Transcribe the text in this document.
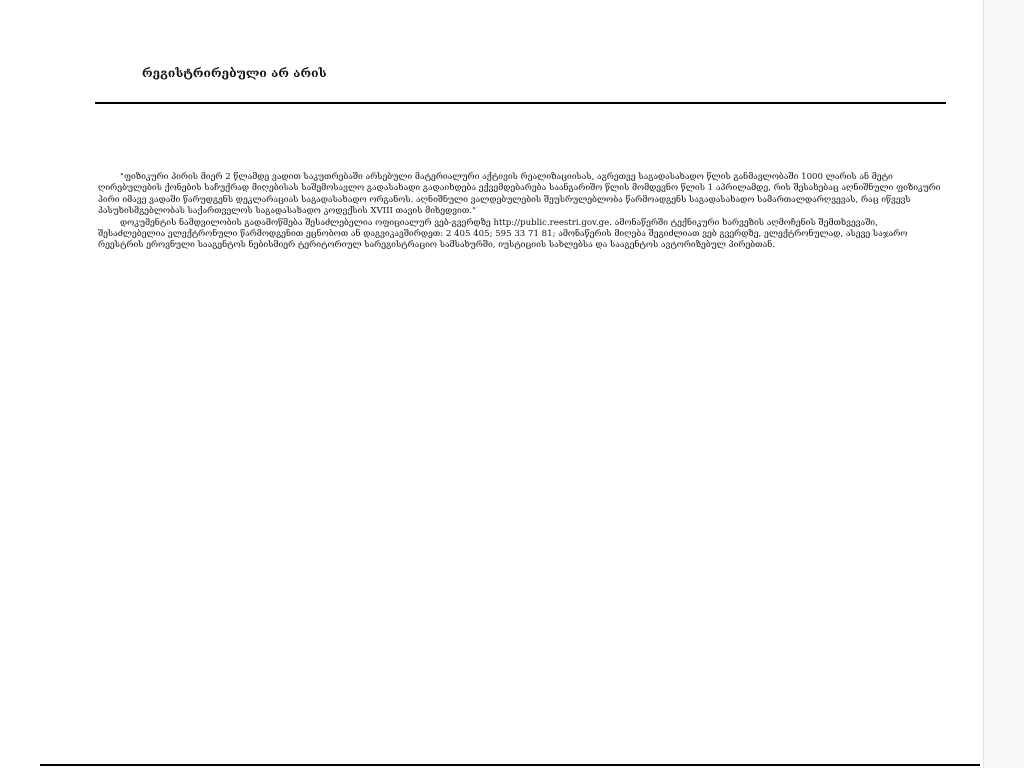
რეგისტრირებული არ არის

"ფიზიკური პირის მიერ 2 წლამდე ვადით საკუთრებაში არსებული მატერიალური აქტივის რეალიზაციისას, აგრეთვე საგადასახადო წლის განმავლობაში 1000 ლარის ან მეტი ღირებულების ქონების საჩუქრად მიღებისას საშემოსავლო გადასახადი გადაიხდება ექვემდებარება საანგარიშო წლის მომდევნო წლის 1 აპრილამდე, რის შესახებაც აღნიშნული ფიზიკური პირი იმავე ვადაში წარუდგენს დეკლარაციას საგადასახადო ორგანოს. აღნიშნული ვალდებულების შეუსრულებლობა წარმოადგენს საგადასახადო სამართალდარღვევას, რაც იწვევს პასუხისმგებლობას საქართველოს საგადასახადო კოდექსის XVIII თავის მიხედვით."

დოკუმენტის ნამდვილობის გადამოწმება შესაძლებელია ოფიციალურ ვებ-გვერდზე http://public.reestri.gov.ge. ამონაწერში ტექნიკური ხარვეზის აღმოჩენის შემთხვევაში, შესაძლებელია ელექტრონული წარმოდგენით ეცნობოთ ან დაგვიკავშირდეთ: 2 405 405; 595 33 71 81; ამონაწერის მიღება შეგიძლიათ ვებ გვერდზე, ელექტრონულად, ასევე საჯარო რეესტრის ეროვნული სააგენტოს ნებისმიერ ტერიტორიულ სარეგისტრაციო სამსახურში, იუსტიციის სახლებსა და სააგენტოს ავტორიზებულ პირებთან.
